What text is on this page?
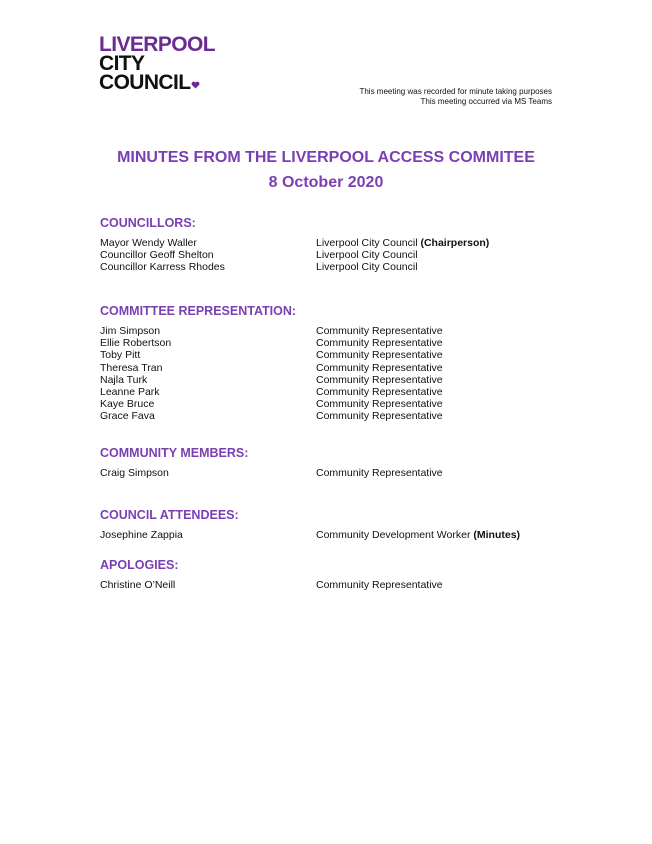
LIVERPOOL
CITY
COUNCIL	This meeting was recorded for minute taking purposes
This meeting occurred via MS Teams
MINUTES FROM THE LIVERPOOL ACCESS COMMITEE
8 October 2020
COUNCILLORS:
Mayor Wendy Waller	Liverpool City Council (Chairperson)
Councillor Geoff Shelton	Liverpool City Council
Councillor Karress Rhodes	Liverpool City Council
COMMITTEE REPRESENTATION:
Jim Simpson	Community Representative
Ellie Robertson	Community Representative
Toby Pitt	Community Representative
Theresa Tran	Community Representative
Najla Turk	Community Representative
Leanne Park	Community Representative
Kaye Bruce	Community Representative
Grace Fava	Community Representative
COMMUNITY MEMBERS:
Craig Simpson	Community Representative
COUNCIL ATTENDEES:
Josephine Zappia	Community Development Worker (Minutes)
APOLOGIES:
Christine O’Neill	Community Representative
